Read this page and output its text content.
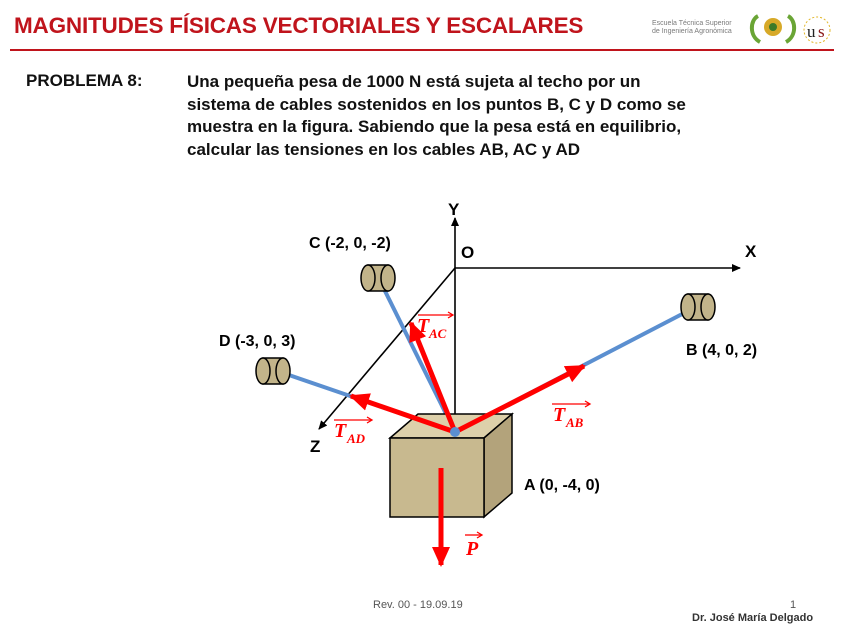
MAGNITUDES FÍSICAS VECTORIALES Y ESCALARES	Escuela Técnica Superior
de Ingeniería Agronómica	u s
PROBLEMA 8:	Una pequeña pesa de 1000 N está sujeta al techo por un
sistema de cables sostenidos en los puntos B, C y D como se
muestra en la figura. Sabiendo que la pesa está en equilibrio,
calcular las tensiones en los cables AB, AC y AD
Y
X
Z
O
C (-2, 0, -2)
D (-3, 0, 3)
B (4, 0, 2)
A (0, -4, 0)
T AC
T AD
T AB
P
Rev. 00 - 19.09.19	1
Dr. José María Delgado
